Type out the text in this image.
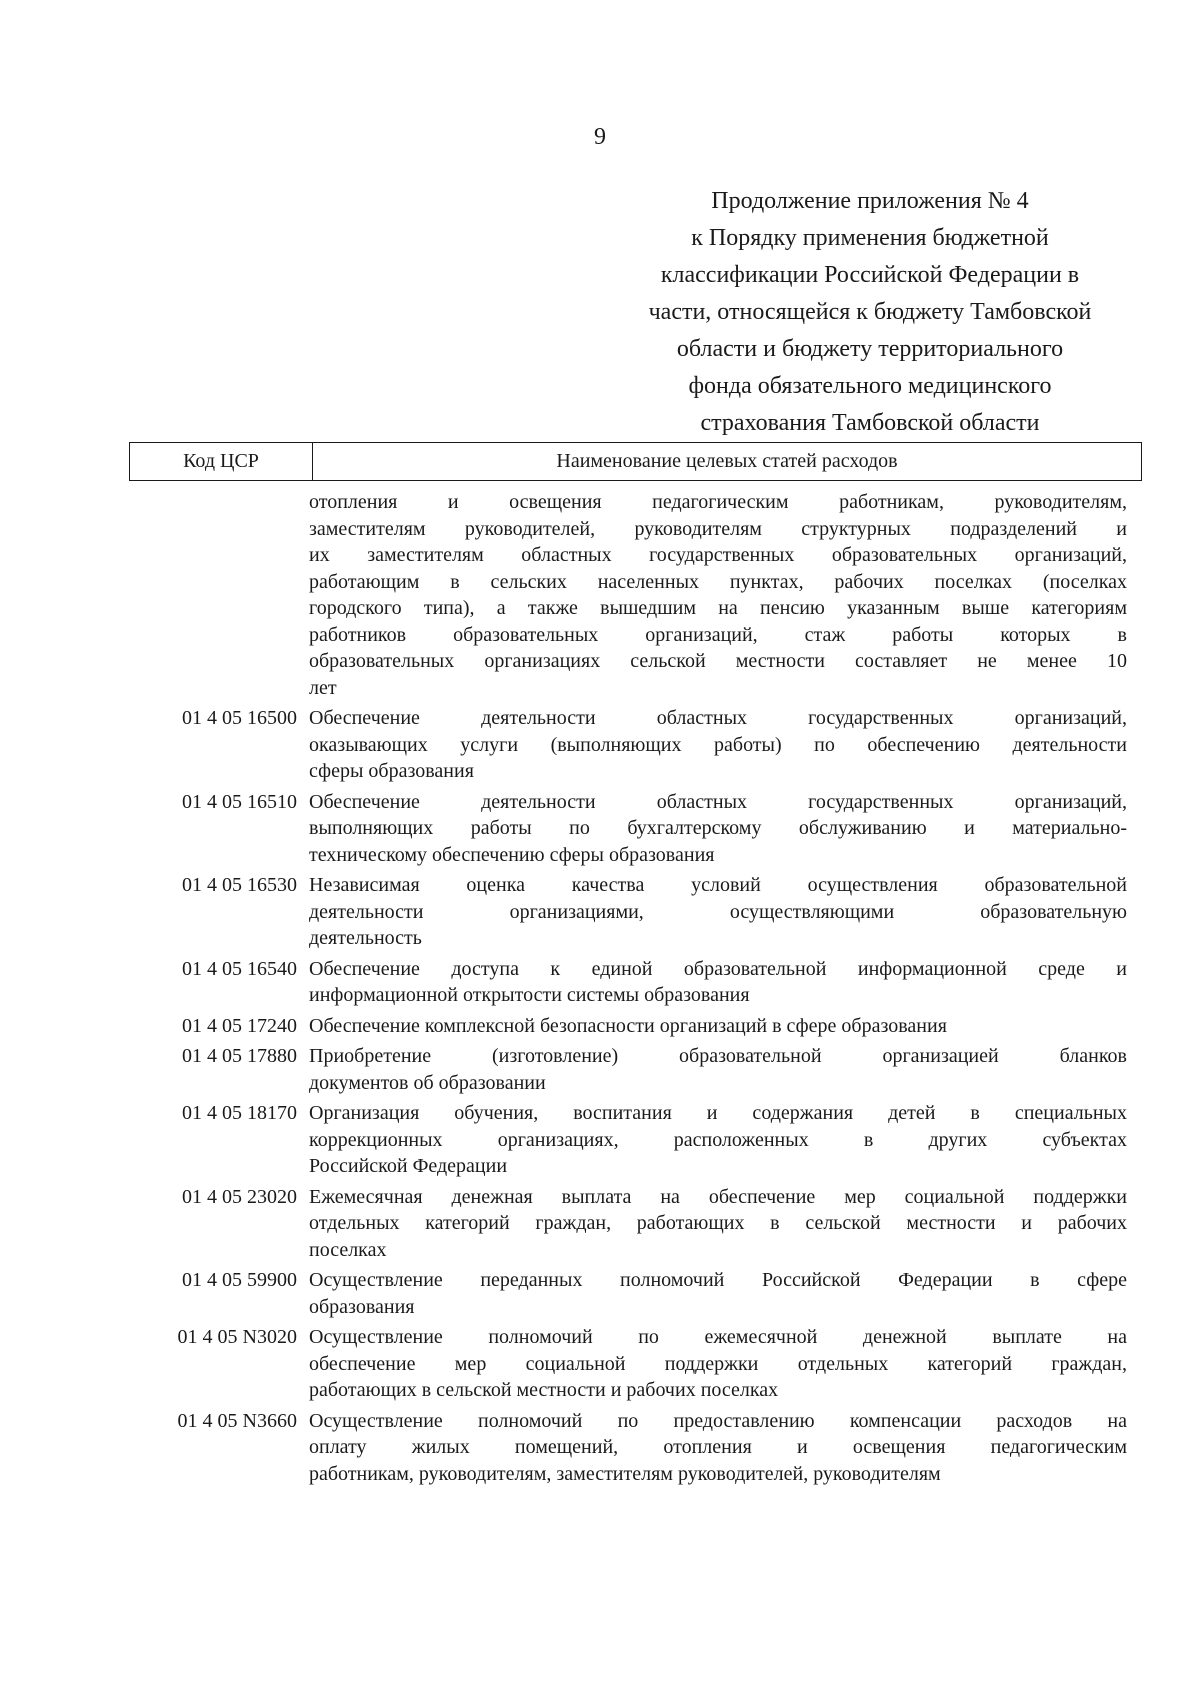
9
Продолжение приложения № 4
к Порядку применения бюджетной
классификации Российской Федерации в
части, относящейся к бюджету Тамбовской
области и бюджету территориального
фонда обязательного медицинского
страхования Тамбовской области
Код ЦСР	Наименование целевых статей расходов
отопления и освещения педагогическим работникам, руководителям,
заместителям руководителей, руководителям структурных подразделений и
их заместителям областных государственных образовательных организаций,
работающим в сельских населенных пунктах, рабочих поселках (поселках
городского типа), а также вышедшим на пенсию указанным выше категориям
работников образовательных организаций, стаж работы которых в
образовательных организациях сельской местности составляет не менее 10
лет
01 4 05 16500 Обеспечение деятельности областных государственных организаций,
оказывающих услуги (выполняющих работы) по обеспечению деятельности
сферы образования
01 4 05 16510 Обеспечение деятельности областных государственных организаций,
выполняющих работы по бухгалтерскому обслуживанию и материально-
техническому обеспечению сферы образования
01 4 05 16530 Независимая оценка качества условий осуществления образовательной
деятельности организациями, осуществляющими образовательную
деятельность
01 4 05 16540 Обеспечение доступа к единой образовательной информационной среде и
информационной открытости системы образования
01 4 05 17240 Обеспечение комплексной безопасности организаций в сфере образования
01 4 05 17880 Приобретение (изготовление) образовательной организацией бланков
документов об образовании
01 4 05 18170 Организация обучения, воспитания и содержания детей в специальных
коррекционных организациях, расположенных в других субъектах
Российской Федерации
01 4 05 23020 Ежемесячная денежная выплата на обеспечение мер социальной поддержки
отдельных категорий граждан, работающих в сельской местности и рабочих
поселках
01 4 05 59900 Осуществление переданных полномочий Российской Федерации в сфере
образования
01 4 05 N3020 Осуществление полномочий по ежемесячной денежной выплате на
обеспечение мер социальной поддержки отдельных категорий граждан,
работающих в сельской местности и рабочих поселках
01 4 05 N3660 Осуществление полномочий по предоставлению компенсации расходов на
оплату жилых помещений, отопления и освещения педагогическим
работникам, руководителям, заместителям руководителей, руководителям
